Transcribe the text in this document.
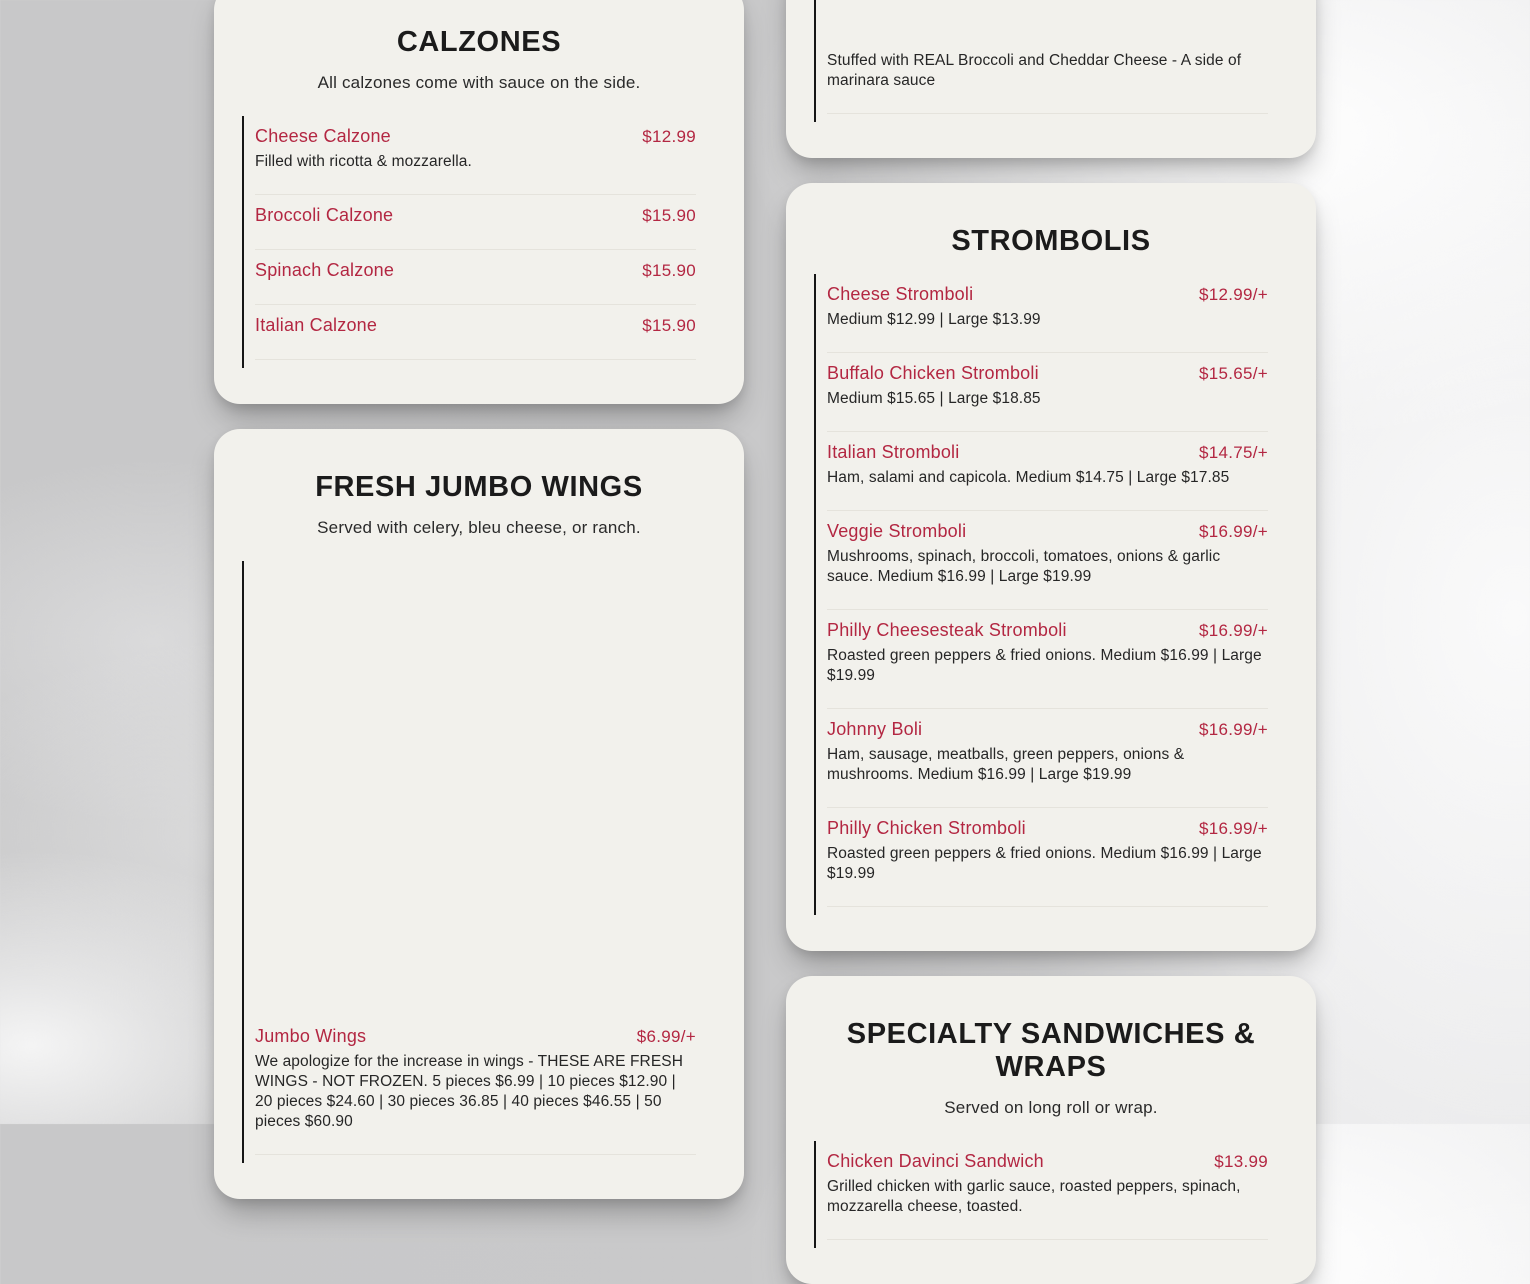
CALZONES

All calzones come with sauce on the side.

Cheese Calzone	$12.99

Filled with ricotta & mozzarella.

Broccoli Calzone	$15.90
Spinach Calzone	$15.90
Italian Calzone	$15.90
FRESH JUMBO WINGS

Served with celery, bleu cheese, or ranch.

Jumbo Wings	$6.99/+

We apologize for the increase in wings - THESE ARE FRESH WINGS - NOT FROZEN. 5 pieces $6.99 | 10 pieces $12.90 | 20 pieces $24.60 | 30 pieces 36.85 | 40 pieces $46.55 | 50 pieces $60.90

Stuffed with REAL Broccoli and Cheddar Cheese - A side of marinara sauce

STROMBOLIS
Cheese Stromboli	$12.99/+

Medium $12.99 | Large $13.99

Buffalo Chicken Stromboli	$15.65/+

Medium $15.65 | Large $18.85

Italian Stromboli	$14.75/+

Ham, salami and capicola. Medium $14.75 | Large $17.85

Veggie Stromboli	$16.99/+

Mushrooms, spinach, broccoli, tomatoes, onions & garlic sauce. Medium $16.99 | Large $19.99

Philly Cheesesteak Stromboli	$16.99/+

Roasted green peppers & fried onions. Medium $16.99 | Large $19.99

Johnny Boli	$16.99/+

Ham, sausage, meatballs, green peppers, onions & mushrooms. Medium $16.99 | Large $19.99

Philly Chicken Stromboli	$16.99/+

Roasted green peppers & fried onions. Medium $16.99 | Large $19.99

SPECIALTY SANDWICHES & WRAPS

Served on long roll or wrap.

Chicken Davinci Sandwich	$13.99

Grilled chicken with garlic sauce, roasted peppers, spinach, mozzarella cheese, toasted.
